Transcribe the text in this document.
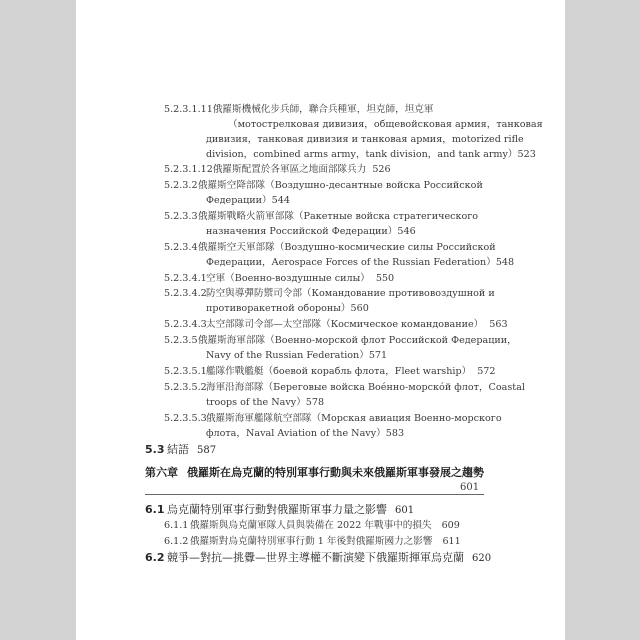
5.2.3.1.11俄羅斯機械化步兵師，聯合兵種軍，坦克師，坦克軍
（мотострелковая дивизия，общевойсковая армия，танковая
дивизия，танковая дивизия и танковая армия，motorized rifle
division，combined arms army，tank division，and tank army）523
5.2.3.1.12俄羅斯配置於各軍區之地面部隊兵力 526
5.2.3.2俄羅斯空降部隊（Воздушно-десантные войска Российской
Федерации）544
5.2.3.3俄羅斯戰略火箭軍部隊（Ракетные войска стратегического
назначения Российской Федерации）546
5.2.3.4俄羅斯空天軍部隊（Воздушно-космические силы Российской
Федерации，Aerospace Forces of the Russian Federation）548
5.2.3.4.1空軍（Военно-воздушные силы） 550
5.2.3.4.2防空與導彈防禦司令部（Командование противовоздушной и
противоракетной обороны）560
5.2.3.4.3太空部隊司令部—太空部隊（Космическое командование） 563
5.2.3.5俄羅斯海軍部隊（Военно-морской флот Российской Федерации，
Navy of the Russian Federation）571
5.2.3.5.1艦隊作戰艦艇（боевой корабль флота，Fleet warship） 572
5.2.3.5.2海軍沿海部隊（Береговые войска Воéнно-морскóй флот，Coastal
troops of the Navy）578
5.2.3.5.3俄羅斯海軍艦隊航空部隊（Морская авиация Военно-морского
флота，Naval Aviation of the Navy）583
5.3 結語 587
第六章 俄羅斯在烏克蘭的特別軍事行動與未來俄羅斯軍事發展之趨勢
601
6.1 烏克蘭特別軍事行動對俄羅斯軍事力量之影響 601
6.1.1 俄羅斯與烏克蘭軍隊人員與裝備在 2022 年戰事中的損失 609
6.1.2 俄羅斯對烏克蘭特別軍事行動 1 年後對俄羅斯國力之影響 611
6.2 競爭—對抗—挑釁—世界主導權不斷演變下俄羅斯揮軍烏克蘭 620
